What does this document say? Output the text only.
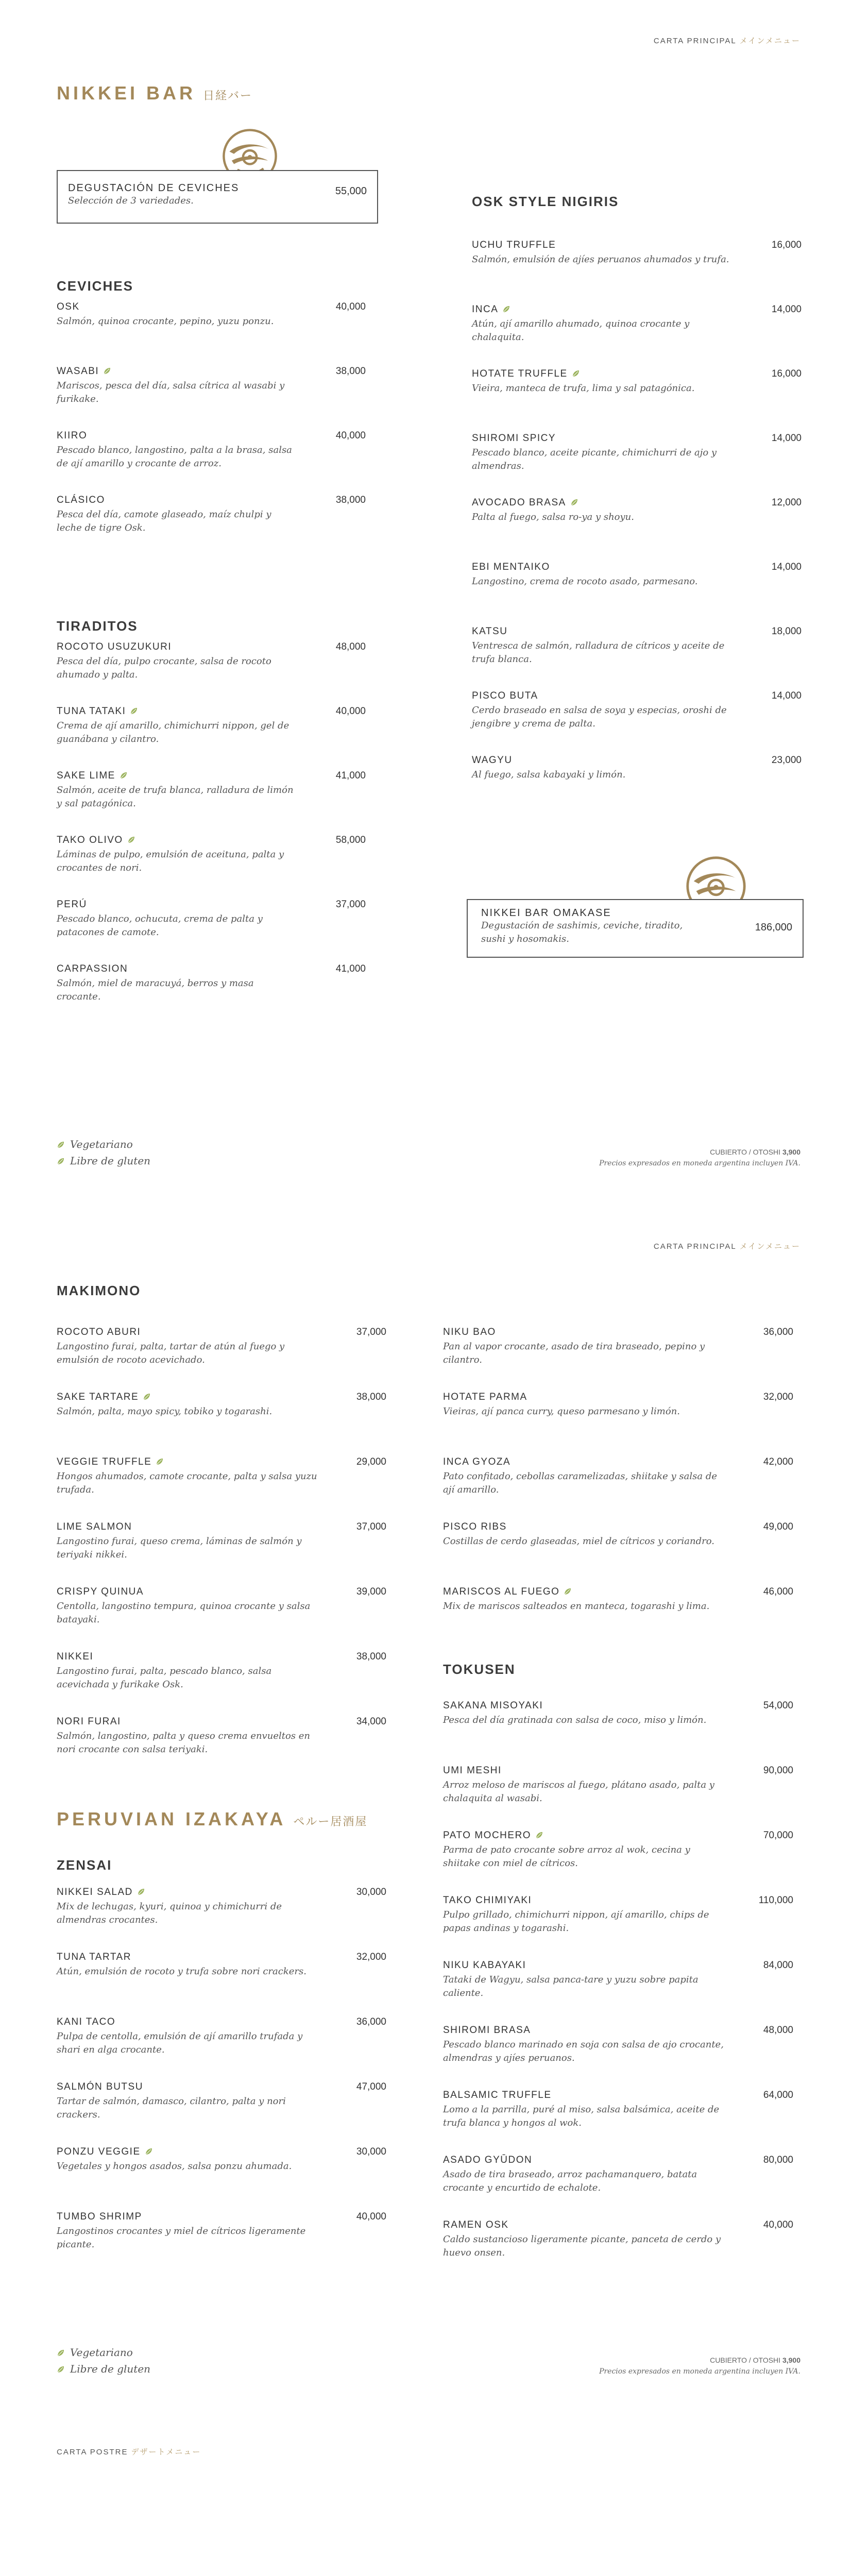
CARTA PRINCIPAL メインメニュー
NIKKEI BAR 日経バー
DEGUSTACIÓN DE CEVICHES
Selección de 3 variedades.
55,000
CEVICHES
OSK	40,000
Salmón, quinoa crocante, pepino, yuzu ponzu.
WASABI	38,000
Mariscos, pesca del día, salsa cítrica al wasabi y furikake.
KIIRO	40,000
Pescado blanco, langostino, palta a la brasa, salsa de ají amarillo y crocante de arroz.
CLÁSICO	38,000
Pesca del día, camote glaseado, maíz chulpi y leche de tigre Osk.
TIRADITOS
ROCOTO USUZUKURI	48,000
Pesca del día, pulpo crocante, salsa de rocoto ahumado y palta.
TUNA TATAKI	40,000
Crema de ají amarillo, chimichurri nippon, gel de guanábana y cilantro.
SAKE LIME	41,000
Salmón, aceite de trufa blanca, ralladura de limón y sal patagónica.
TAKO OLIVO	58,000
Láminas de pulpo, emulsión de aceituna, palta y crocantes de nori.
PERÚ	37,000
Pescado blanco, ochucuta, crema de palta y patacones de camote.
CARPASSION	41,000
Salmón, miel de maracuyá, berros y masa crocante.
OSK STYLE NIGIRIS
UCHU TRUFFLE	16,000
Salmón, emulsión de ajíes peruanos ahumados y trufa.
INCA	14,000
Atún, ají amarillo ahumado, quinoa crocante y chalaquita.
HOTATE TRUFFLE	16,000
Vieira, manteca de trufa, lima y sal patagónica.
SHIROMI SPICY	14,000
Pescado blanco, aceite picante, chimichurri de ajo y almendras.
AVOCADO BRASA	12,000
Palta al fuego, salsa ro-ya y shoyu.
EBI MENTAIKO	14,000
Langostino, crema de rocoto asado, parmesano.
KATSU	18,000
Ventresca de salmón, ralladura de cítricos y aceite de trufa blanca.
PISCO BUTA	14,000
Cerdo braseado en salsa de soya y especias, oroshi de jengibre y crema de palta.
WAGYU	23,000
Al fuego, salsa kabayaki y limón.
NIKKEI BAR OMAKASE
Degustación de sashimis, ceviche, tiradito, sushi y hosomakis.
186,000
Vegetariano
Libre de gluten
CUBIERTO / OTOSHI 3,900
Precios expresados en moneda argentina incluyen IVA.
CARTA PRINCIPAL メインメニュー
MAKIMONO
ROCOTO ABURI	37,000
Langostino furai, palta, tartar de atún al fuego y emulsión de rocoto acevichado.
SAKE TARTARE	38,000
Salmón, palta, mayo spicy, tobiko y togarashi.
VEGGIE TRUFFLE	29,000
Hongos ahumados, camote crocante, palta y salsa yuzu trufada.
LIME SALMON	37,000
Langostino furai, queso crema, láminas de salmón y teriyaki nikkei.
CRISPY QUINUA	39,000
Centolla, langostino tempura, quinoa crocante y salsa batayaki.
NIKKEI	38,000
Langostino furai, palta, pescado blanco, salsa acevichada y furikake Osk.
NORI FURAI	34,000
Salmón, langostino, palta y queso crema envueltos en nori crocante con salsa teriyaki.
PERUVIAN IZAKAYA ペルー居酒屋
ZENSAI
NIKKEI SALAD	30,000
Mix de lechugas, kyuri, quinoa y chimichurri de almendras crocantes.
TUNA TARTAR	32,000
Atún, emulsión de rocoto y trufa sobre nori crackers.
KANI TACO	36,000
Pulpa de centolla, emulsión de ají amarillo trufada y shari en alga crocante.
SALMÓN BUTSU	47,000
Tartar de salmón, damasco, cilantro, palta y nori crackers.
PONZU VEGGIE	30,000
Vegetales y hongos asados, salsa ponzu ahumada.
TUMBO SHRIMP	40,000
Langostinos crocantes y miel de cítricos ligeramente picante.
NIKU BAO	36,000
Pan al vapor crocante, asado de tira braseado, pepino y cilantro.
HOTATE PARMA	32,000
Vieiras, ají panca curry, queso parmesano y limón.
INCA GYOZA	42,000
Pato confitado, cebollas caramelizadas, shiitake y salsa de ají amarillo.
PISCO RIBS	49,000
Costillas de cerdo glaseadas, miel de cítricos y coriandro.
MARISCOS AL FUEGO	46,000
Mix de mariscos salteados en manteca, togarashi y lima.
TOKUSEN
SAKANA MISOYAKI	54,000
Pesca del día gratinada con salsa de coco, miso y limón.
UMI MESHI	90,000
Arroz meloso de mariscos al fuego, plátano asado, palta y chalaquita al wasabi.
PATO MOCHERO	70,000
Parma de pato crocante sobre arroz al wok, cecina y shiitake con miel de cítricos.
TAKO CHIMIYAKI	110,000
Pulpo grillado, chimichurri nippon, ají amarillo, chips de papas andinas y togarashi.
NIKU KABAYAKI	84,000
Tataki de Wagyu, salsa panca-tare y yuzu sobre papita caliente.
SHIROMI BRASA	48,000
Pescado blanco marinado en soja con salsa de ajo crocante, almendras y ajíes peruanos.
BALSAMIC TRUFFLE	64,000
Lomo a la parrilla, puré al miso, salsa balsámica, aceite de trufa blanca y hongos al wok.
ASADO GYŪDON	80,000
Asado de tira braseado, arroz pachamanquero, batata crocante y encurtido de echalote.
RAMEN OSK	40,000
Caldo sustancioso ligeramente picante, panceta de cerdo y huevo onsen.
Vegetariano
Libre de gluten
CUBIERTO / OTOSHI 3,900
Precios expresados en moneda argentina incluyen IVA.
CARTA POSTRE デザートメニュー
